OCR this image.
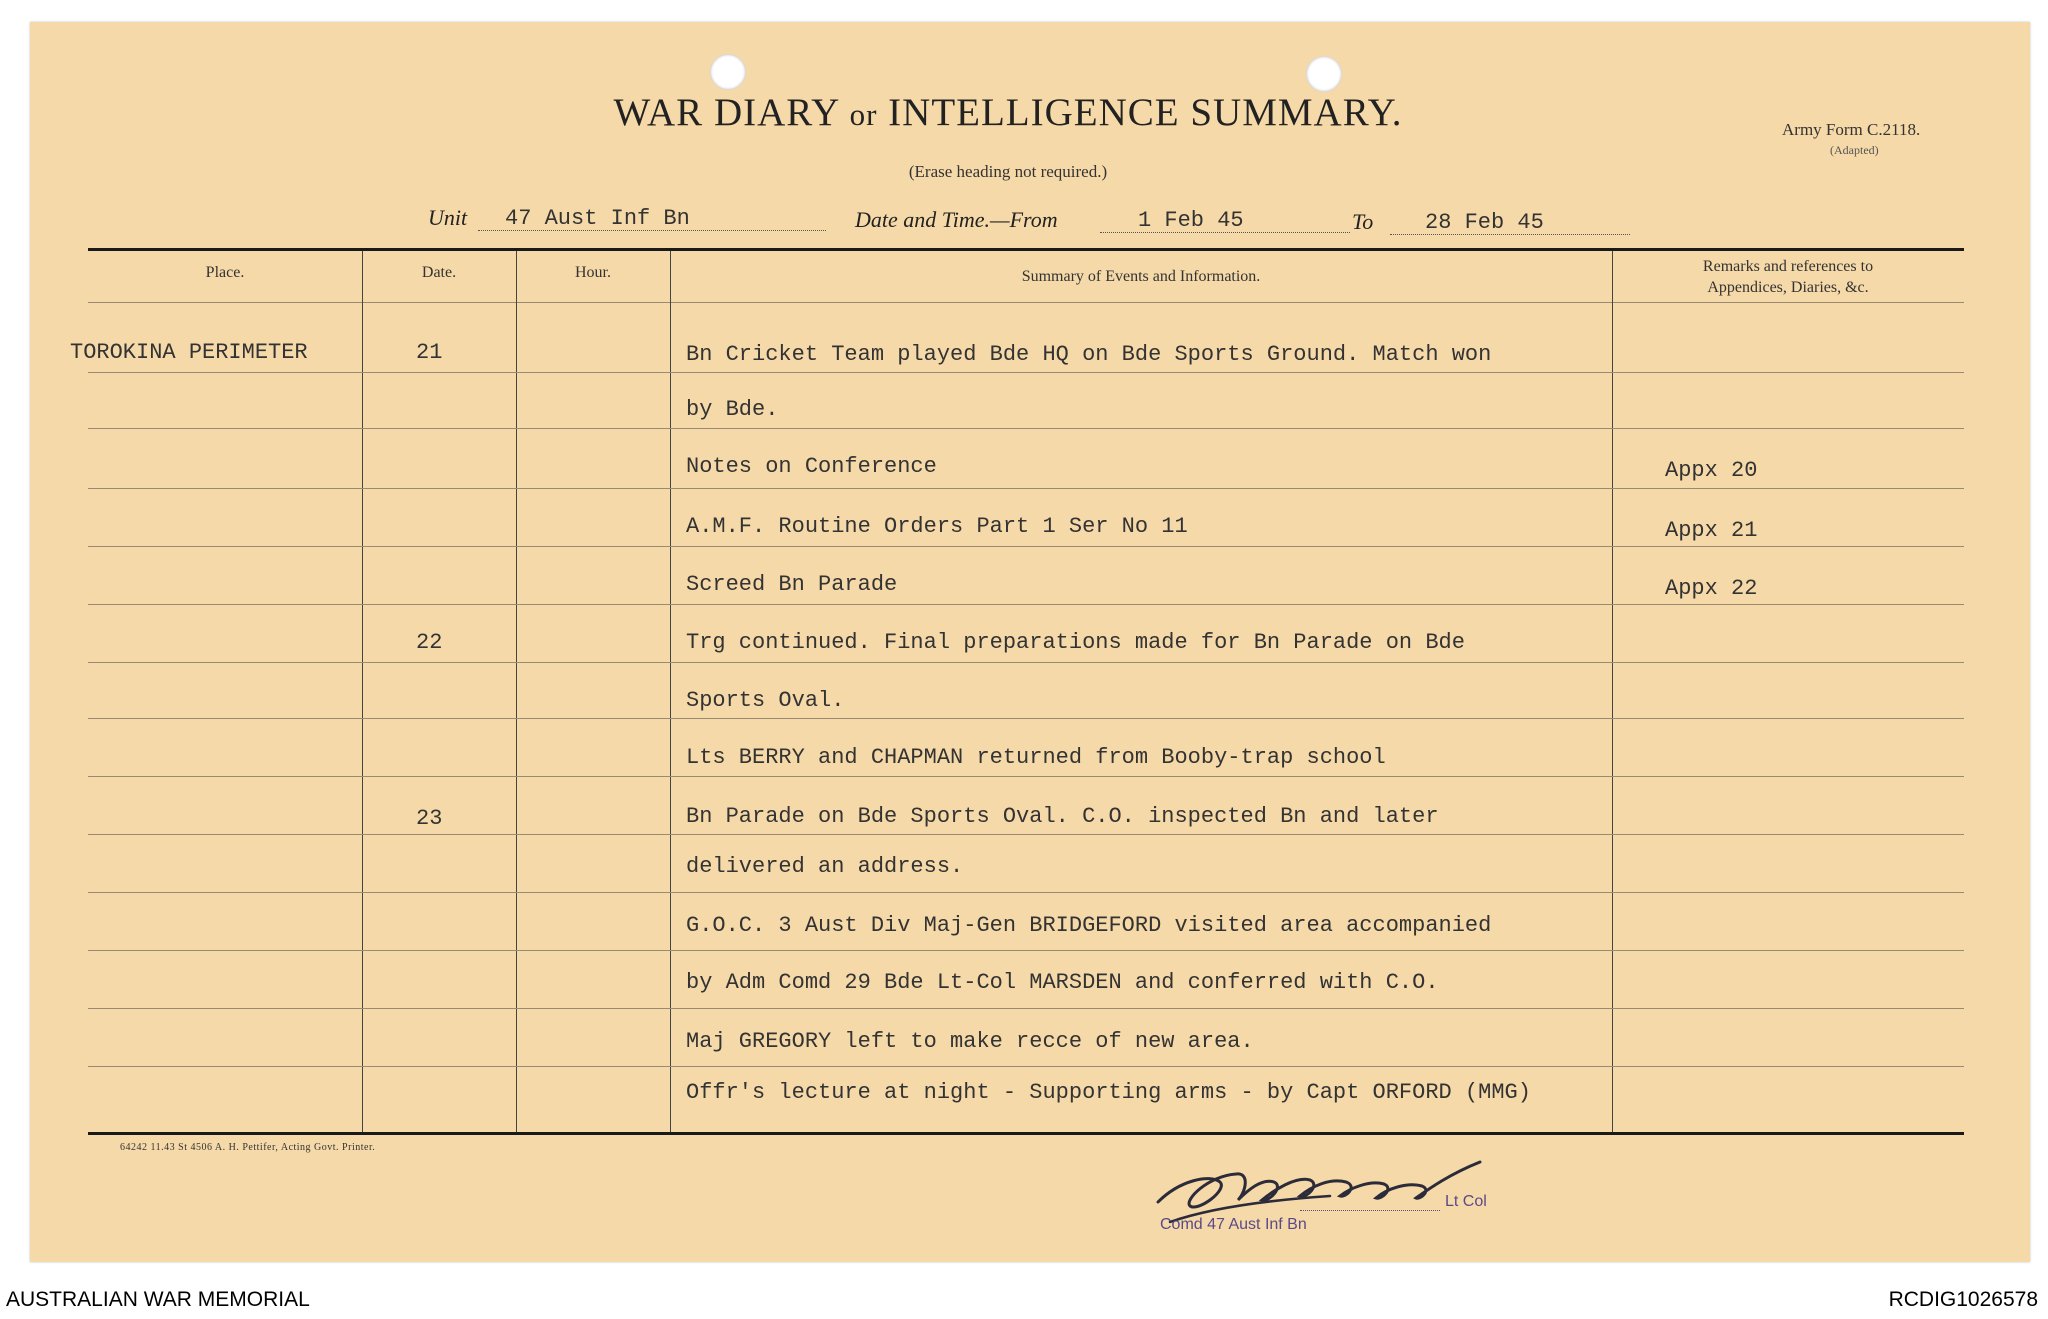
WAR DIARY or INTELLIGENCE SUMMARY.
(Erase heading not required.)
Army Form C.2118.
(Adapted)
Unit 47 Aust Inf Bn	Date and Time.—From	1 Feb 45	To 28 Feb 45
Place.	Date.	Hour.	Summary of Events and Information.
Remarks and references to
Appendices, Diaries, &c.
TOROKINA PERIMETER	21	Bn Cricket Team played Bde HQ on Bde Sports Ground. Match won
by Bde.
Notes on Conference	Appx 20
A.M.F. Routine Orders Part 1 Ser No 11	Appx 21
Screed Bn Parade	Appx 22
22	Trg continued. Final preparations made for Bn Parade on Bde
Sports Oval.
Lts BERRY and CHAPMAN returned from Booby-trap school
23	Bn Parade on Bde Sports Oval. C.O. inspected Bn and later
delivered an address.
G.O.C. 3 Aust Div Maj-Gen BRIDGEFORD visited area accompanied
by Adm Comd 29 Bde Lt-Col MARSDEN and conferred with C.O.
Maj GREGORY left to make recce of new area.
Offr's lecture at night - Supporting arms - by Capt ORFORD (MMG)
64242 11.43 St 4506 A. H. Pettifer, Acting Govt. Printer.
Lt Col
Comd 47 Aust Inf Bn
AUSTRALIAN WAR MEMORIAL	RCDIG1026578
